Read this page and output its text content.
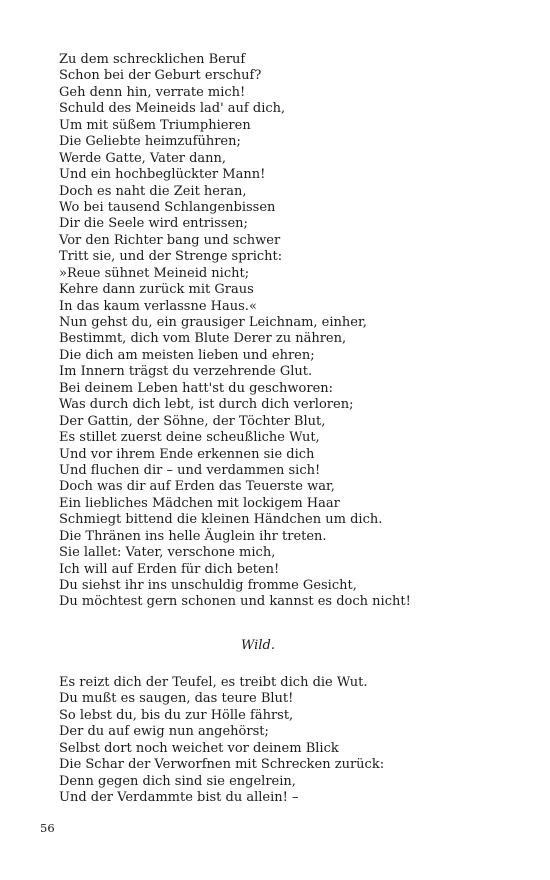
Zu dem schrecklichen Beruf
Schon bei der Geburt erschuf?
Geh denn hin, verrate mich!
Schuld des Meineids lad' auf dich,
Um mit süßem Triumphieren
Die Geliebte heimzuführen;
Werde Gatte, Vater dann,
Und ein hochbeglückter Mann!
Doch es naht die Zeit heran,
Wo bei tausend Schlangenbissen
Dir die Seele wird entrissen;
Vor den Richter bang und schwer
Tritt sie, und der Strenge spricht:
»Reue sühnet Meineid nicht;
Kehre dann zurück mit Graus
In das kaum verlassne Haus.«
Nun gehst du, ein grausiger Leichnam, einher,
Bestimmt, dich vom Blute Derer zu nähren,
Die dich am meisten lieben und ehren;
Im Innern trägst du verzehrende Glut.
Bei deinem Leben hatt'st du geschworen:
Was durch dich lebt, ist durch dich verloren;
Der Gattin, der Söhne, der Töchter Blut,
Es stillet zuerst deine scheußliche Wut,
Und vor ihrem Ende erkennen sie dich
Und fluchen dir – und verdammen sich!
Doch was dir auf Erden das Teuerste war,
Ein liebliches Mädchen mit lockigem Haar
Schmiegt bittend die kleinen Händchen um dich.
Die Thränen ins helle Äuglein ihr treten.
Sie lallet: Vater, verschone mich,
Ich will auf Erden für dich beten!
Du siehst ihr ins unschuldig fromme Gesicht,
Du möchtest gern schonen und kannst es doch nicht!
Wild.
Es reizt dich der Teufel, es treibt dich die Wut.
Du mußt es saugen, das teure Blut!
So lebst du, bis du zur Hölle fährst,
Der du auf ewig nun angehörst;
Selbst dort noch weichet vor deinem Blick
Die Schar der Verworfnen mit Schrecken zurück:
Denn gegen dich sind sie engelrein,
Und der Verdammte bist du allein! –
56
